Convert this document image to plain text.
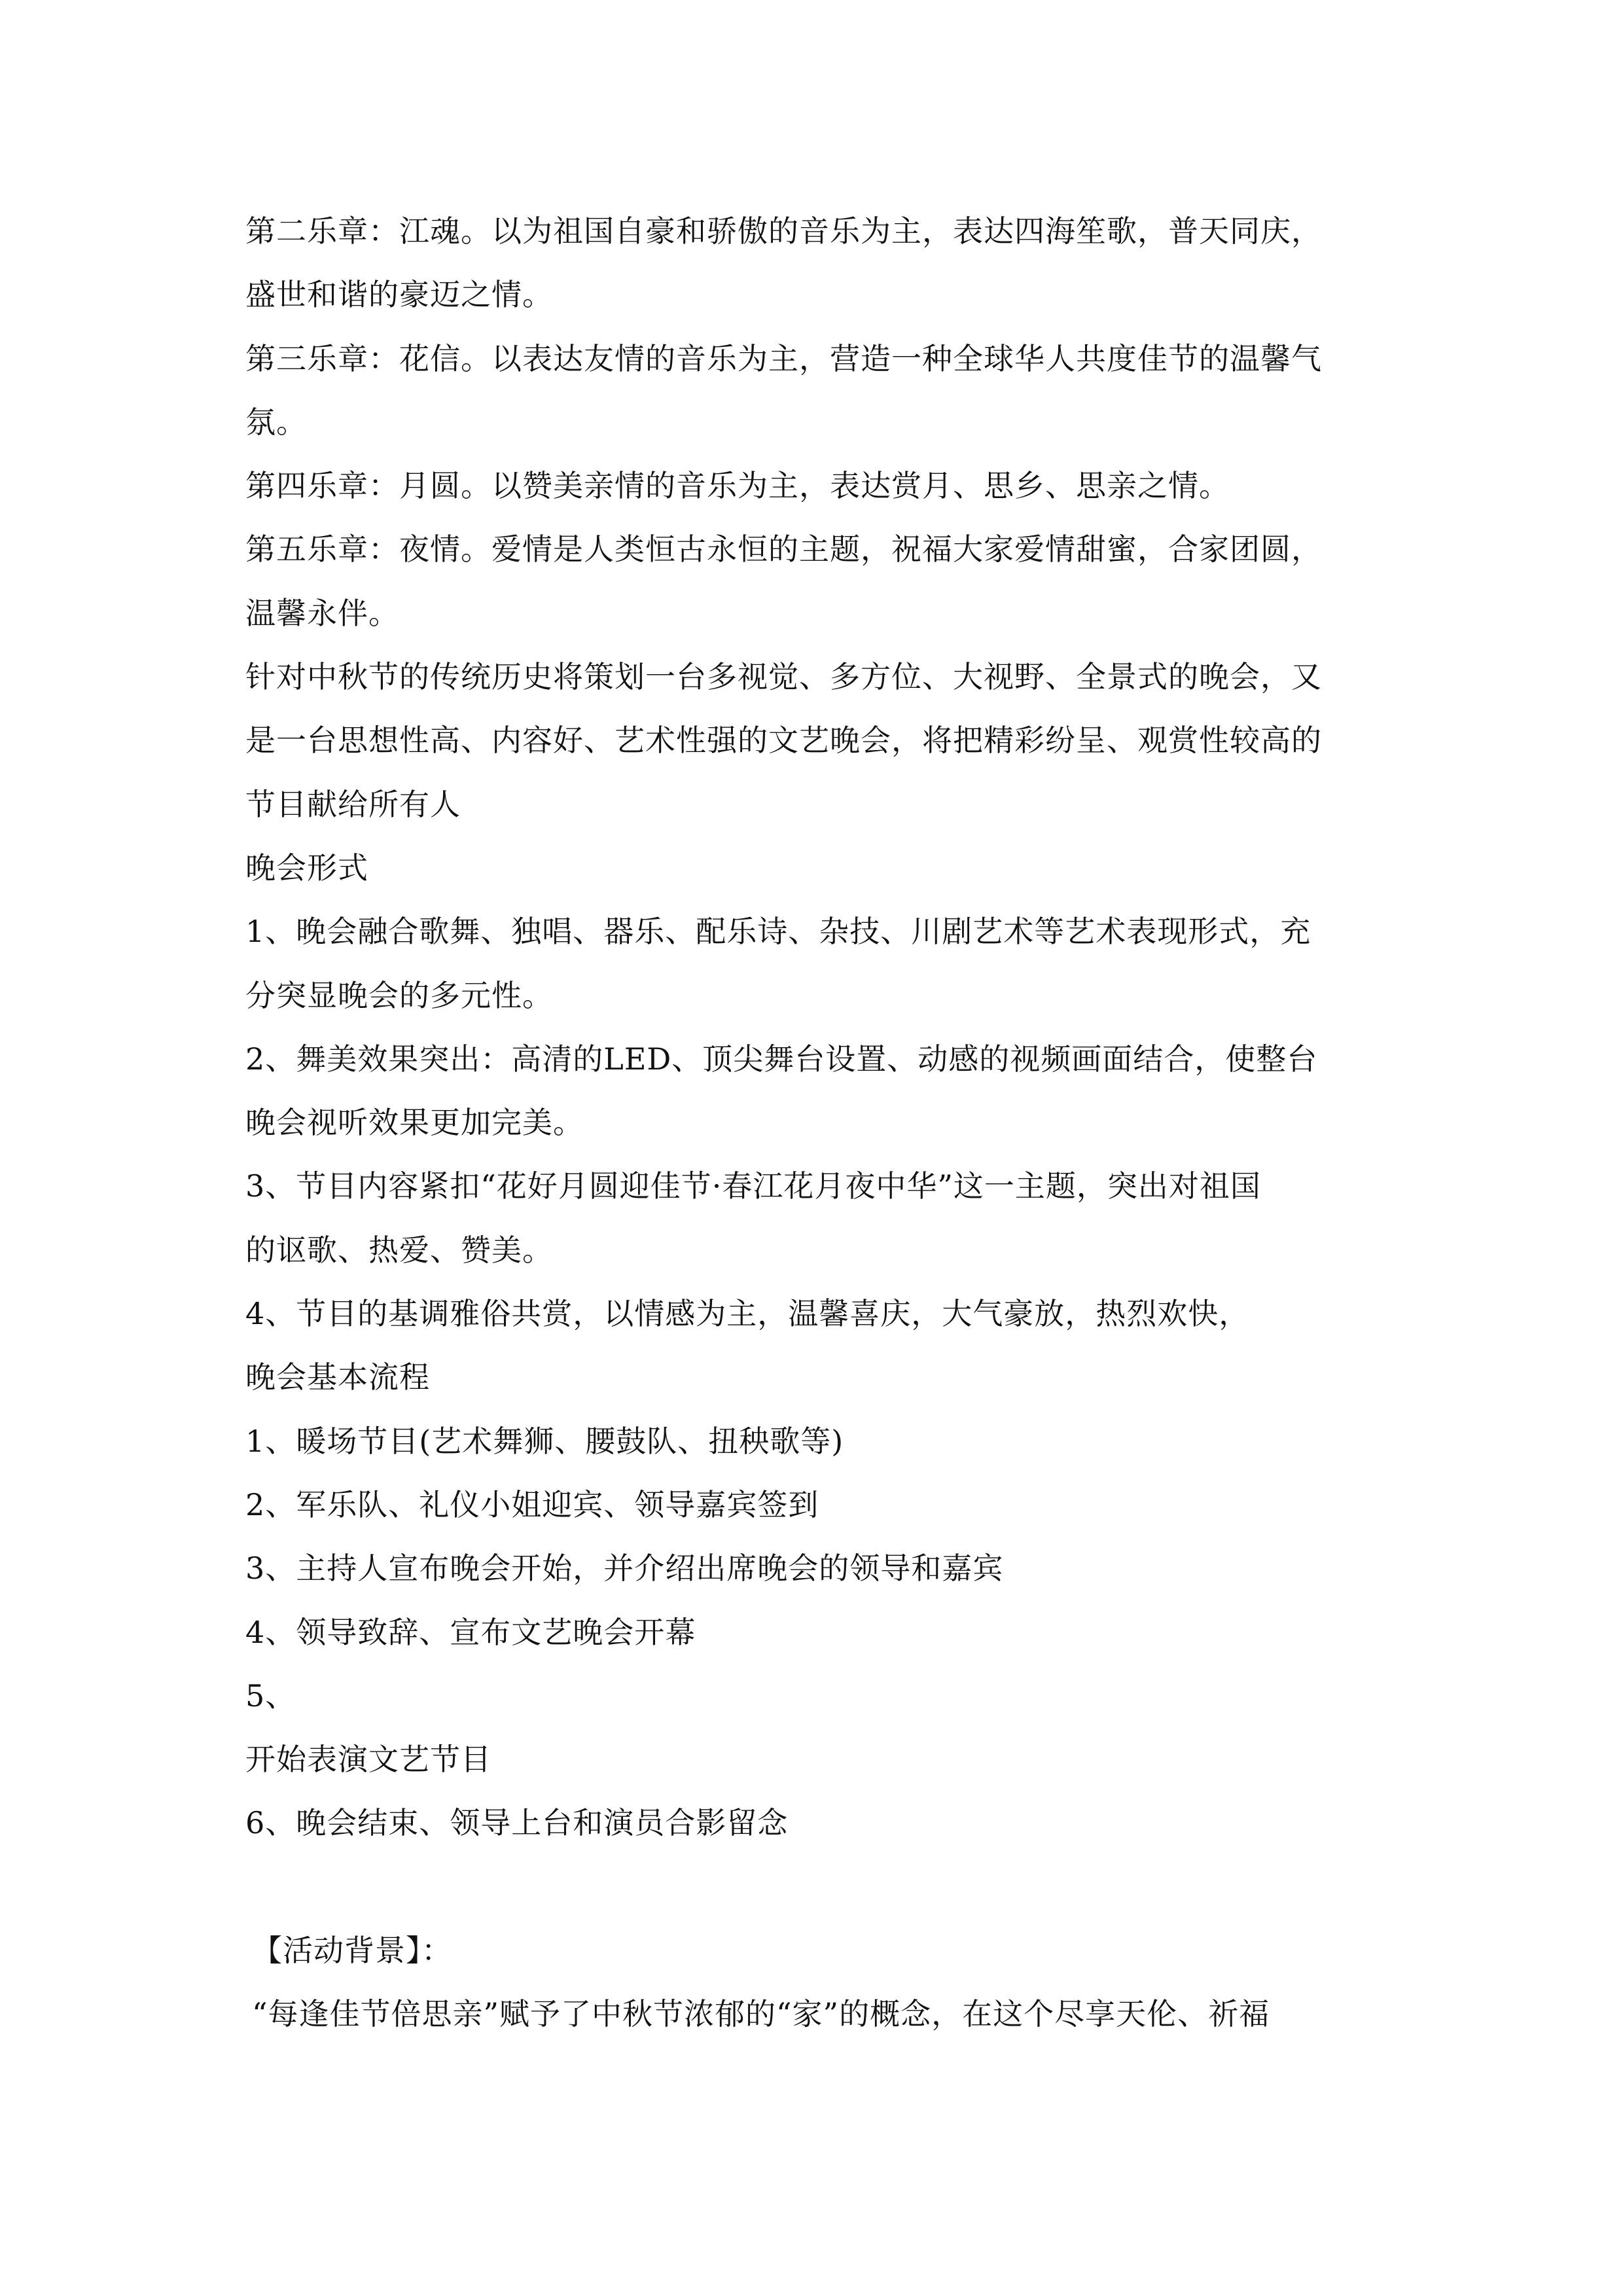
第二乐章：江魂。以为祖国自豪和骄傲的音乐为主，表达四海笙歌，普天同庆，
盛世和谐的豪迈之情。
第三乐章：花信。以表达友情的音乐为主，营造一种全球华人共度佳节的温馨气
氛。
第四乐章：月圆。以赞美亲情的音乐为主，表达赏月、思乡、思亲之情。
第五乐章：夜情。爱情是人类恒古永恒的主题，祝福大家爱情甜蜜，合家团圆，
温馨永伴。
针对中秋节的传统历史将策划一台多视觉、多方位、大视野、全景式的晚会，又
是一台思想性高、内容好、艺术性强的文艺晚会，将把精彩纷呈、观赏性较高的
节目献给所有人
晚会形式
1、晚会融合歌舞、独唱、器乐、配乐诗、杂技、川剧艺术等艺术表现形式，充
分突显晚会的多元性。
2、舞美效果突出：高清的LED、顶尖舞台设置、动感的视频画面结合，使整台
晚会视听效果更加完美。
3、节目内容紧扣“花好月圆迎佳节·春江花月夜中华”这一主题，突出对祖国
的讴歌、热爱、赞美。
4、节目的基调雅俗共赏，以情感为主，温馨喜庆，大气豪放，热烈欢快，
晚会基本流程
1、暖场节目(艺术舞狮、腰鼓队、扭秧歌等)
2、军乐队、礼仪小姐迎宾、领导嘉宾签到
3、主持人宣布晚会开始，并介绍出席晚会的领导和嘉宾
4、领导致辞、宣布文艺晚会开幕
5、
开始表演文艺节目
6、晚会结束、领导上台和演员合影留念
【活动背景】：
“每逢佳节倍思亲”赋予了中秋节浓郁的“家”的概念，在这个尽享天伦、祈福
